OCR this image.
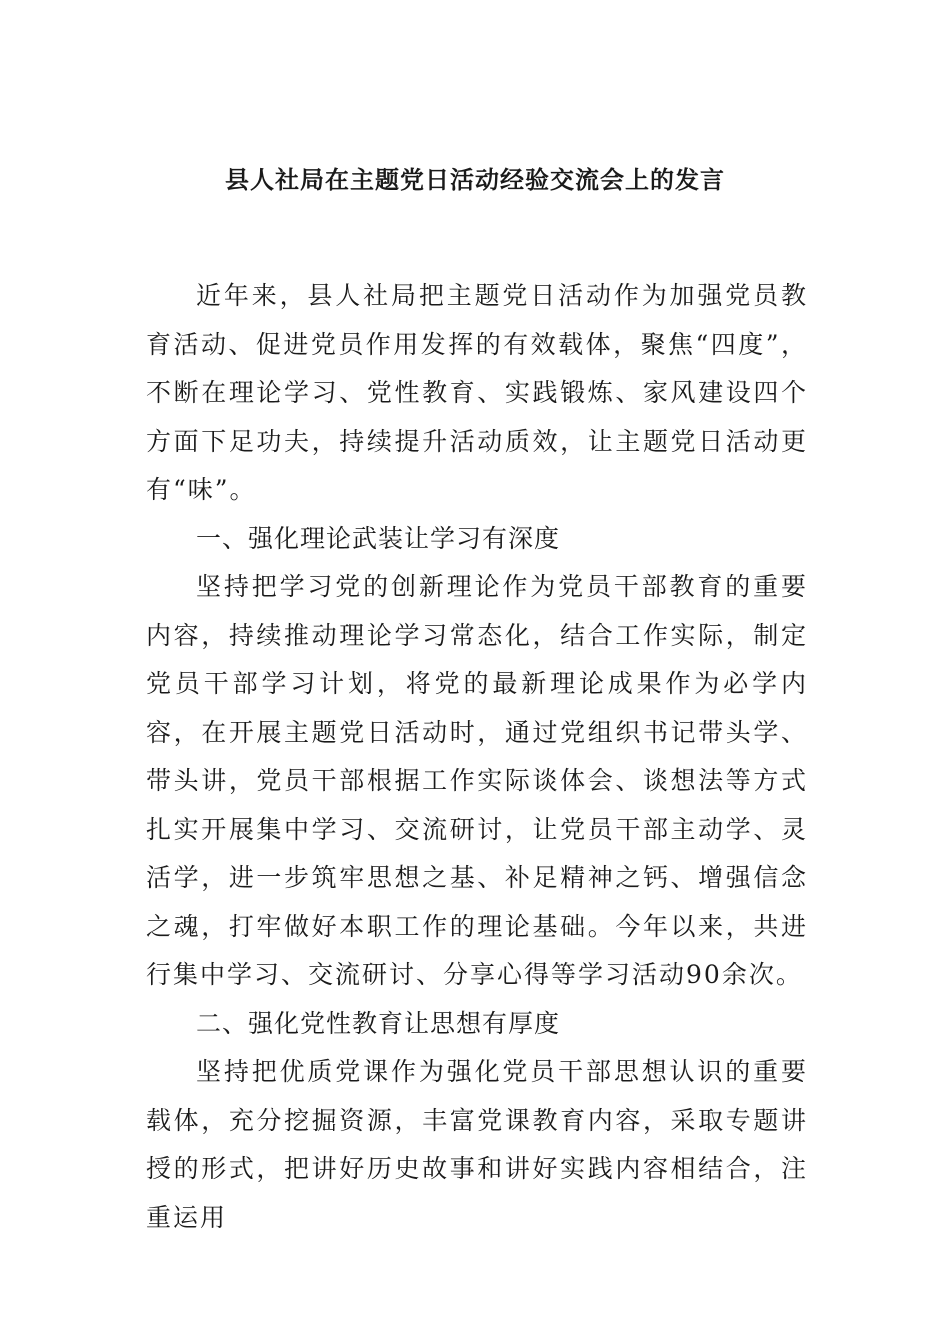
县人社局在主题党日活动经验交流会上的发言

近年来，县人社局把主题党日活动作为加强党员教育活动、促进党员作用发挥的有效载体，聚焦“四度”，不断在理论学习、党性教育、实践锻炼、家风建设四个方面下足功夫，持续提升活动质效，让主题党日活动更有“味”。

一、强化理论武装让学习有深度

坚持把学习党的创新理论作为党员干部教育的重要内容，持续推动理论学习常态化，结合工作实际，制定党员干部学习计划，将党的最新理论成果作为必学内容，在开展主题党日活动时，通过党组织书记带头学、带头讲，党员干部根据工作实际谈体会、谈想法等方式扎实开展集中学习、交流研讨，让党员干部主动学、灵活学，进一步筑牢思想之基、补足精神之钙、增强信念之魂，打牢做好本职工作的理论基础。今年以来，共进行集中学习、交流研讨、分享心得等学习活动90余次。

二、强化党性教育让思想有厚度

坚持把优质党课作为强化党员干部思想认识的重要载体，充分挖掘资源，丰富党课教育内容，采取专题讲授的形式，把讲好历史故事和讲好实践内容相结合，注重运用
